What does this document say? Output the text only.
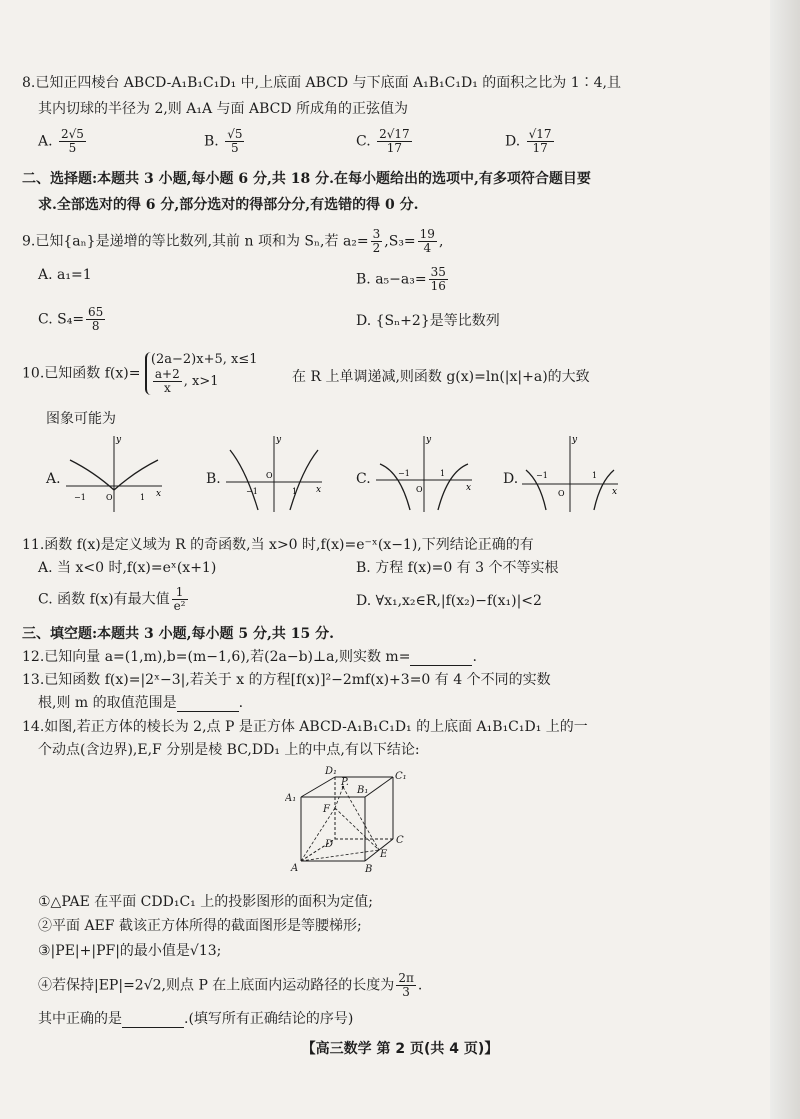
8.已知正四棱台 ABCD-A₁B₁C₁D₁ 中,上底面 ABCD 与下底面 A₁B₁C₁D₁ 的面积之比为 1∶4,且
其内切球的半径为 2,则 A₁A 与面 ABCD 所成角的正弦值为
A. $\frac{2√5}{5}$	B. $\frac{√5}{5}$	C. $\frac{2√17}{17}$	D. $\frac{√17}{17}$
二、选择题:本题共 3 小题,每小题 6 分,共 18 分.在每小题给出的选项中,有多项符合题目要
求.全部选对的得 6 分,部分选对的得部分分,有选错的得 0 分.
9.已知{aₙ}是递增的等比数列,其前 n 项和为 Sₙ,若 $a_2= \frac{3}{2} ,S_3= \frac{19}{4}$ ,
A. a₁=1	B. $a_5-a_3= \frac{35}{16}$
C. $S_4= \frac{65}{8}$	D. {Sₙ+2}是等比数列
10.已知函数 f(x)=
(2a−2)x+5, x≤1
$\frac{a+2}{x}$ , x>1	在 R 上单调递减,则函数 g(x)=ln(|x|+a)的大致
图象可能为
A.
y
x
−1	O	1
B.
y
x
−1
O
1
C.
y
x
−1
O
1	D.
y
x
−1
O
1
11.函数 f(x)是定义域为 R 的奇函数,当 x>0 时,f(x)=e⁻ˣ(x−1),下列结论正确的有
A. 当 x<0 时,f(x)=eˣ(x+1)	B. 方程 f(x)=0 有 3 个不等实根
C. 函数 f(x)有最大值 $\frac{1}{\text{e²}}$	D. ∀x₁,x₂∈R,|f(x₂)−f(x₁)|<2
三、填空题:本题共 3 小题,每小题 5 分,共 15 分.
12.已知向量 a=(1,m),b=(m−1,6),若(2a−b)⊥a,则实数 m=	.
13.已知函数 f(x)=|2ˣ−3|,若关于 x 的方程[f(x)]²−2mf(x)+3=0 有 4 个不同的实数
根,则 m 的取值范围是	.
14.如图,若正方体的棱长为 2,点 P 是正方体 ABCD-A₁B₁C₁D₁ 的上底面 A₁B₁C₁D₁ 上的一
个动点(含边界),E,F 分别是棱 BC,DD₁ 上的中点,有以下结论:
D₁	C₁
A₁
B₁
P.
F
D	C
A	B
E
①△PAE 在平面 CDD₁C₁ 上的投影图形的面积为定值;
②平面 AEF 截该正方体所得的截面图形是等腰梯形;
③|PE|+|PF|的最小值是√13;
④若保持|EP|=2√2,则点 P 在上底面内运动路径的长度为 $\frac{2\pi}{3}$ .
其中正确的是	.(填写所有正确结论的序号)
【高三数学 第 2 页(共 4 页)】
